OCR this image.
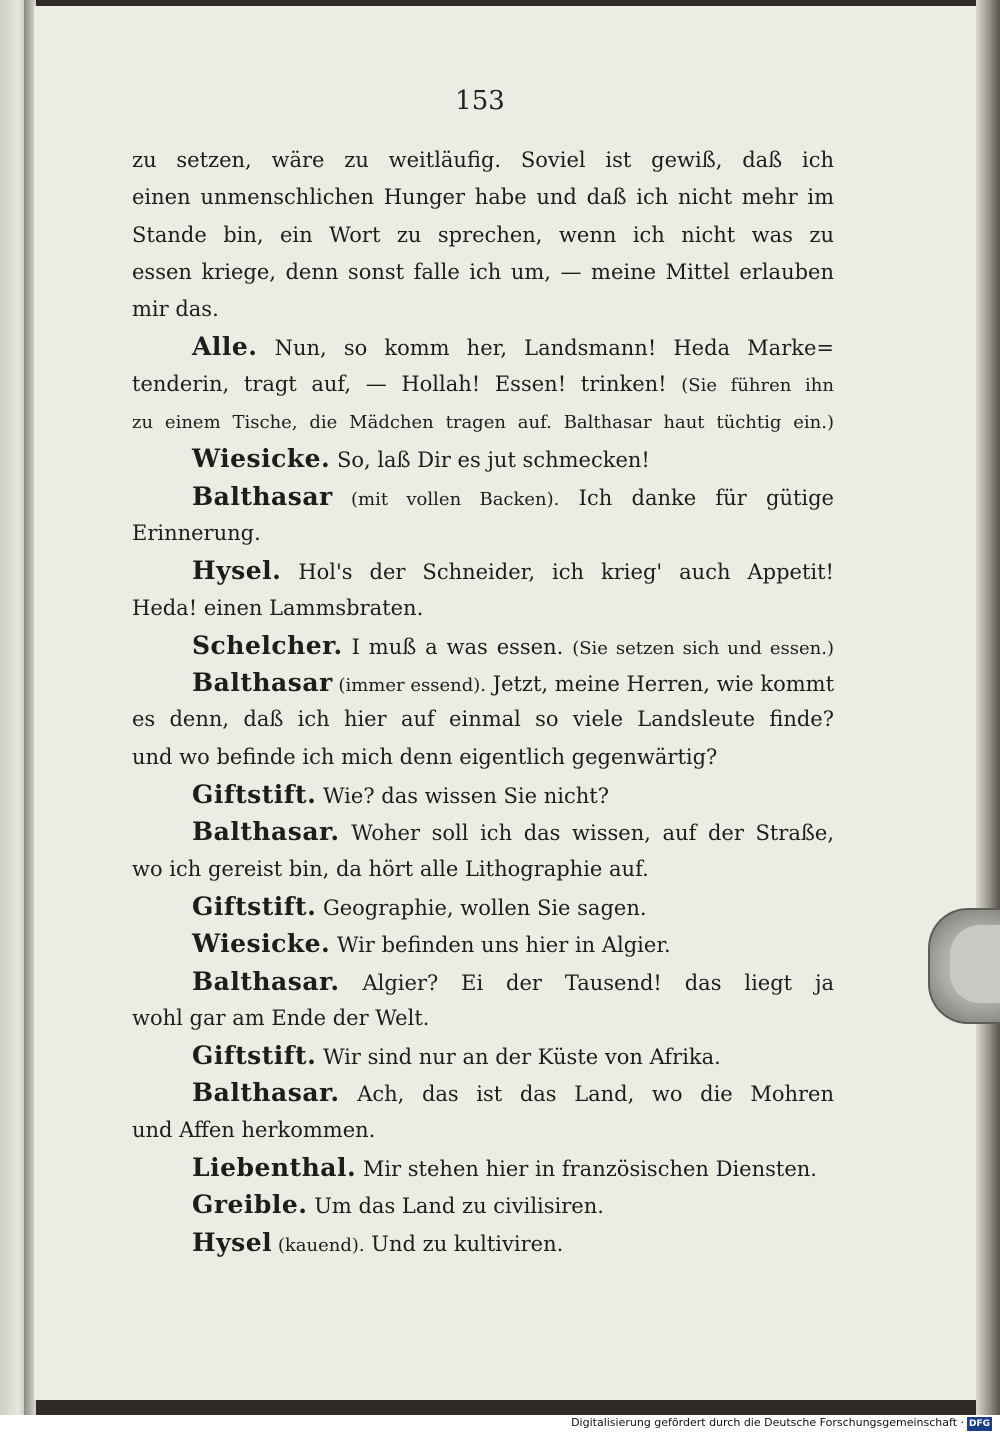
153
zu setzen, wäre zu weitläufig. Soviel ist gewiß, daß ich
einen unmenschlichen Hunger habe und daß ich nicht mehr im
Stande bin, ein Wort zu sprechen, wenn ich nicht was zu
essen kriege, denn sonst falle ich um, — meine Mittel erlauben
mir das.
Alle. Nun, so komm her, Landsmann! Heda Marke=
tenderin, tragt auf, — Hollah! Essen! trinken! (Sie führen ihn
zu einem Tische, die Mädchen tragen auf. Balthasar haut tüchtig ein.)
Wiesicke. So, laß Dir es jut schmecken!
Balthasar (mit vollen Backen). Ich danke für gütige
Erinnerung.
Hysel. Hol's der Schneider, ich krieg' auch Appetit!
Heda! einen Lammsbraten.
Schelcher. I muß a was essen. (Sie setzen sich und essen.)
Balthasar (immer essend). Jetzt, meine Herren, wie kommt
es denn, daß ich hier auf einmal so viele Landsleute finde?
und wo befinde ich mich denn eigentlich gegenwärtig?
Giftstift. Wie? das wissen Sie nicht?
Balthasar. Woher soll ich das wissen, auf der Straße,
wo ich gereist bin, da hört alle Lithographie auf.
Giftstift. Geographie, wollen Sie sagen.
Wiesicke. Wir befinden uns hier in Algier.
Balthasar. Algier? Ei der Tausend! das liegt ja
wohl gar am Ende der Welt.
Giftstift. Wir sind nur an der Küste von Afrika.
Balthasar. Ach, das ist das Land, wo die Mohren
und Affen herkommen.
Liebenthal. Mir stehen hier in französischen Diensten.
Greible. Um das Land zu civilisiren.
Hysel (kauend). Und zu kultiviren.
Digitalisierung gefördert durch die Deutsche Forschungsgemeinschaft · DFG
